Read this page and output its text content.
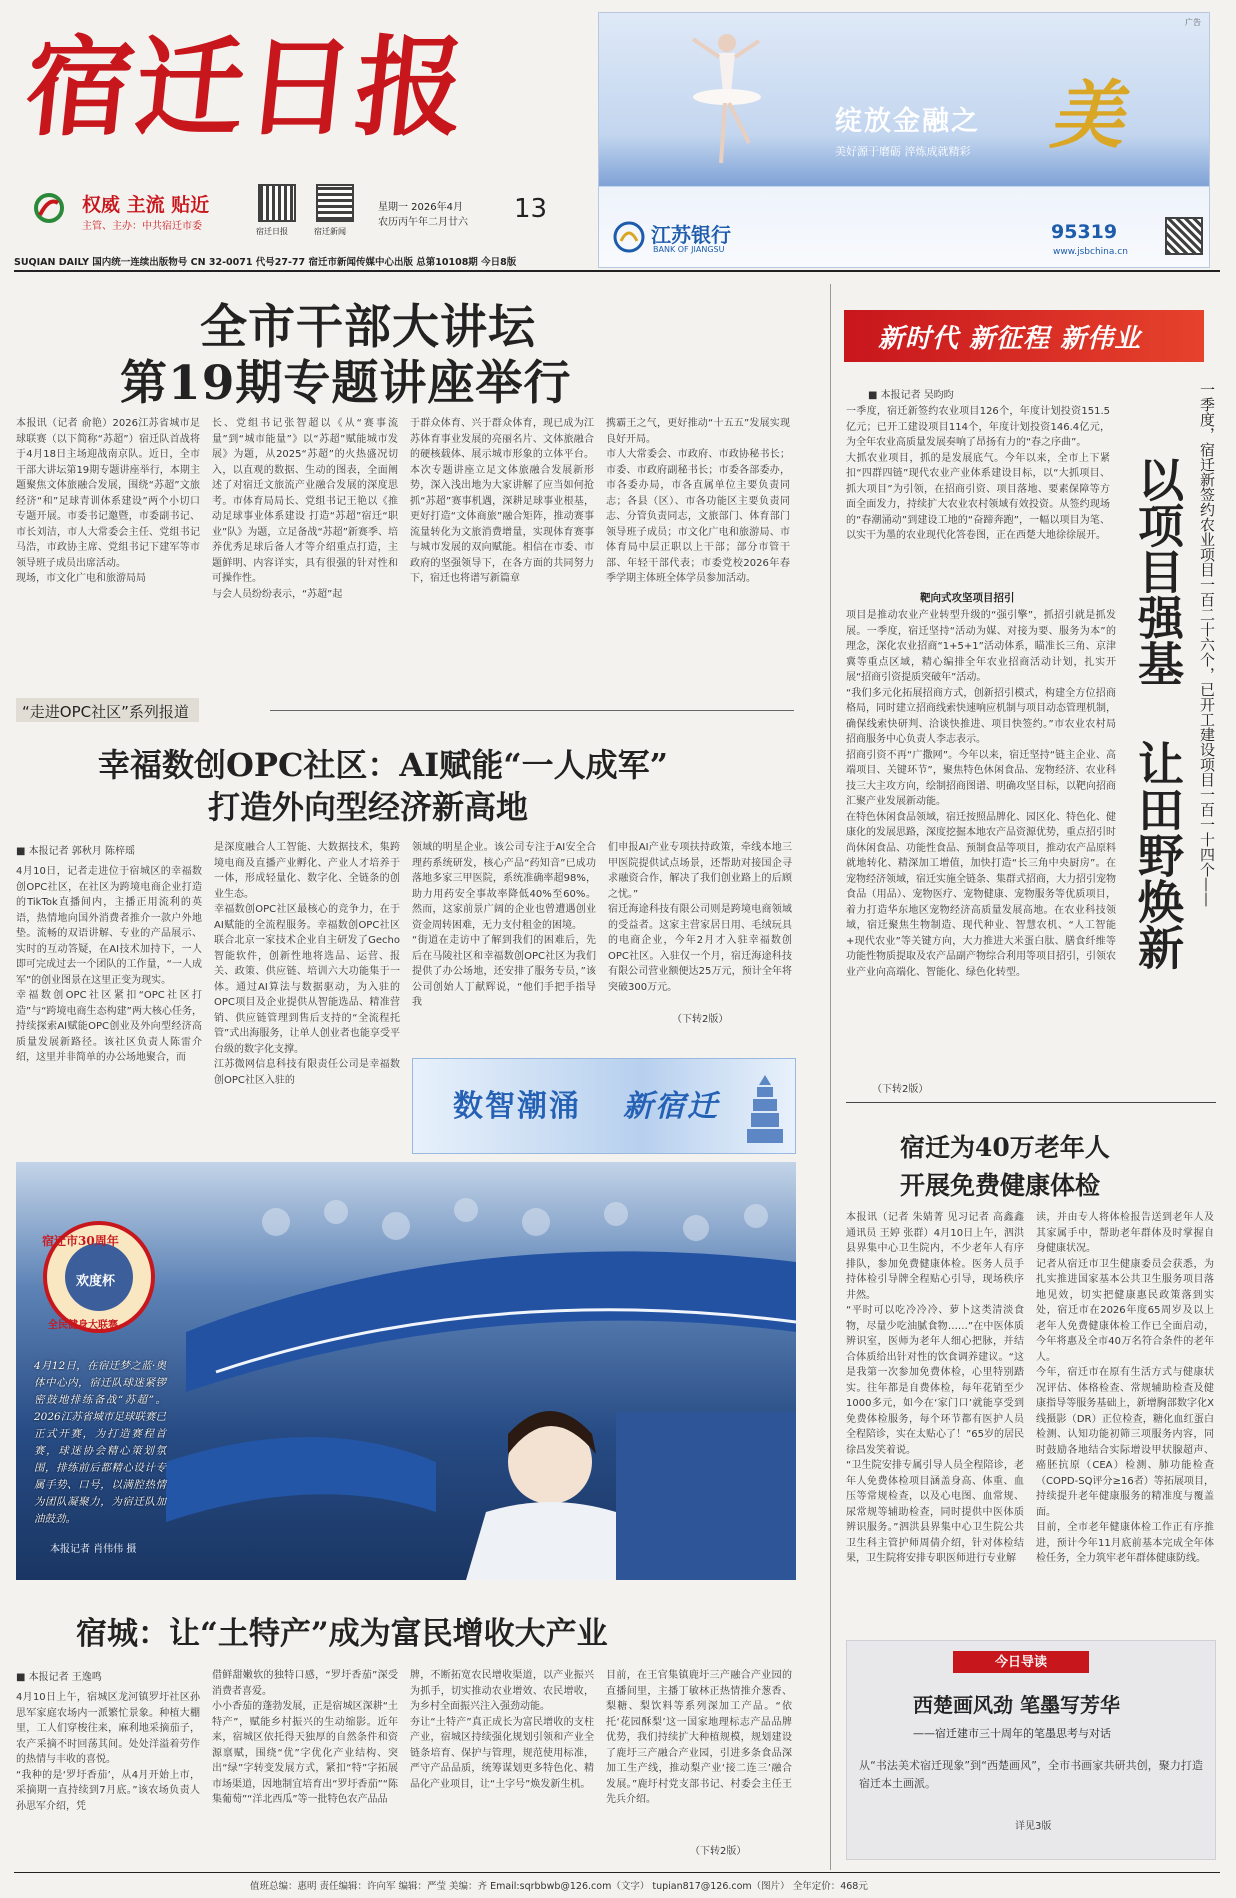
宿迁日报
权威 主流 贴近
主管、主办：中共宿迁市委	宿迁日报	宿迁新闻
星期一 2026年4月
农历丙午年二月廿六 13
广告
绽放金融之 美
美好源于磨砺 淬炼成就精彩
江苏银行
BANK OF JIANGSU
95319
www.jsbchina.cn
SUQIAN DAILY 国内统一连续出版物号 CN 32-0071 代号27-77 宿迁市新闻传媒中心出版 总第10108期 今日8版
全市干部大讲坛
第19期专题讲座举行
本报讯（记者 俞艳）2026江苏省城市足球联赛（以下简称“苏超”）宿迁队首战将于4月18日主场迎战南京队。近日，全市干部大讲坛第19期专题讲座举行，本期主题聚焦文体旅融合发展，围绕“苏超”文旅经济“和”足球青训体系建设”两个小切口专题开展。市委书记邀暨，市委副书记、市长刘洁，市人大常委会主任、党组书记马浩，市政协主席、党组书记下建军等市领导班子成员出席活动。
现场，市文化广电和旅游局局
长、党组书记张智超以《从“赛事流量”到“城市能量”》以“苏超”赋能城市发展》为题，从2025“苏超”的火热盛况切入，以直观的数据、生动的图表，全面阐述了对宿迁文旅流产业融合发展的深度思考。市体育局局长、党组书记王艳以《推动足球事业体系建设 打造“苏超”宿迁“职业”队》为题，立足备战“苏超”新赛季、培养优秀足球后备人才等介绍重点打造，主题鲜明、内容详实，具有很强的针对性和可操作性。
与会人员纷纷表示，“苏超”起
于群众体育、兴于群众体育，现已成为江苏体育事业发展的亮丽名片、文体旅融合的硬核载体、展示城市形象的立体平台。本次专题讲座立足文体旅融合发展新形势，深入浅出地为大家讲解了应当如何抢抓“苏超”赛事机遇，深耕足球事业根基，更好打造“文体商旅”融合矩阵，推动赛事流量转化为文旅消费增量，实现体育赛事与城市发展的双向赋能。相信在市委、市政府的坚强领导下，在各方面的共同努力下，宿迁也将谱写新篇章
携霸王之气，更好推动“十五五”发展实现良好开局。
市人大常委会、市政府、市政协秘书长；市委、市政府副秘书长；市委各部委办，市各委办局，市各直属单位主要负责同志；各县（区）、市各功能区主要负责同志、分管负责同志，文旅部门、体育部门领导班子成员；市文化广电和旅游局、市体育局中层正职以上干部；部分市管干部、年轻干部代表；市委党校2026年春季学期主体班全体学员参加活动。
“走进OPC社区”系列报道
幸福数创OPC社区：AI赋能“一人成军”
打造外向型经济新高地
■ 本报记者 郭秋月 陈梓瑶
4月10日，记者走进位于宿城区的幸福数创OPC社区，在社区为跨境电商企业打造的TikTok直播间内，主播正用流利的英语，热情地向国外消费者推介一款户外地垫。流畅的双语讲解、专业的产品展示、实时的互动答疑，在AI技术加持下，一人即可完成过去一个团队的工作量，“一人成军”的创业图景在这里正变为现实。
幸福数创OPC社区紧扣“OPC社区打造”与“跨境电商生态构建”两大核心任务，持续探索AI赋能OPC创业及外向型经济高质量发展新路径。该社区负责人陈雷介绍，这里并非简单的办公场地聚合，而
是深度融合人工智能、大数据技术，集跨境电商及直播产业孵化、产业人才培养于一体，形成轻量化、数字化、全链条的创业生态。
幸福数创OPC社区最核心的竞争力，在于AI赋能的全流程服务。幸福数创OPC社区联合北京一家技术企业自主研发了Gecho智能软件，创新性地将选品、运营、报关、政策、供应链、培训六大功能集于一体。通过AI算法与数据驱动，为入驻的OPC项目及企业提供从智能选品、精准营销、供应链管理到售后支持的“全流程托管”式出海服务，让单人创业者也能享受平台级的数字化支撑。
江苏微网信息科技有限责任公司是幸福数创OPC社区入驻的
领域的明星企业。该公司专注于AI安全合理药系统研发，核心产品“药知音”已成功落地多家三甲医院，系统准确率超98%，助力用药安全事故率降低40%至60%。然而，这家前景广阔的企业也曾遭遇创业资金周转困难，无力支付租金的困境。
“街道在走访中了解到我们的困难后，先后在马陵社区和幸福数创OPC社区为我们提供了办公场地，还安排了服务专员，”该公司创始人丁献辉说，“他们手把手指导我
们申报AI产业专项扶持政策，牵线本地三甲医院提供试点场景，还帮助对接国企寻求融资合作，解决了我们创业路上的后顾之忧。”
宿迁海途科技有限公司则是跨境电商领域的受益者。这家主营家居日用、毛绒玩具的电商企业，今年2月才入驻幸福数创OPC社区。入驻仅一个月，宿迁海途科技有限公司营业额便达25万元，预计全年将突破300万元。
（下转2版）
数智潮涌 新宿迁
宿迁市30周年
欢度杯
全民健身大联赛
4月12日，在宿迁梦之蓝·奥体中心内，宿迁队球迷紧锣密鼓地排练备战“苏超”。2026江苏省城市足球联赛已正式开赛，为打造赛程首赛，球迷协会精心策划氛围，排练前后都精心设计专属手势、口号，以满腔热情为团队凝聚力，为宿迁队加油鼓劲。
本报记者 肖伟伟 摄
宿城：让“土特产”成为富民增收大产业
■ 本报记者 王逸鸣
4月10日上午，宿城区龙河镇罗圩社区孙思军家庭农场内一派繁忙景象。种植大棚里，工人们穿梭往来，麻利地采摘茄子，农产采摘不时回荡其间。处处洋溢着劳作的热情与丰收的喜悦。
“我种的是‘罗圩香茄’，从4月开始上市，采摘期一直持续到7月底。”该农场负责人孙思军介绍，凭
借鲜甜嫩软的独特口感，“罗圩香茄”深受消费者喜爱。
小小香茄的蓬勃发展，正是宿城区深耕“土特产”，赋能乡村振兴的生动缩影。近年来，宿城区依托得天独厚的自然条件和资源禀赋，围绕“优”字优化产业结构、突出“绿”字转变发展方式，紧扣“特”字拓展市场渠道，因地制宜培育出“罗圩香茄”“陈集葡萄”“洋北西瓜”等一批特色农产品品
牌，不断拓宽农民增收渠道，以产业振兴为抓手，切实推动农业增效、农民增收，为乡村全面振兴注入强劲动能。
夯让“土特产”真正成长为富民增收的支柱产业，宿城区持续强化规划引领和产业全链条培育、保护与管理，规范使用标准，严守产品品质，统筹谋划更多特色化、精品化产业项目，让“土字号”焕发新生机。
目前，在王官集镇鹿圩三产融合产业园的直播间里，主播丁敏林正热情推介葱香、梨糖、梨饮料等系列深加工产品。“依托‘花园酥梨’这一国家地理标志产品品牌优势，我们持续扩大种植规模，规划建设了鹿圩三产融合产业园，引进多条食品深加工生产线，推动梨产业‘接二连三’融合发展。”鹿圩村党支部书记、村委会主任王先兵介绍。
（下转2版）
新时代 新征程 新伟业
一季度，宿迁新签约农业项目一百二十六个，已开工建设项目一百一十四个——
以项目强基
让田野焕新
■ 本报记者 吴昀昀
一季度，宿迁新签约农业项目126个，年度计划投资151.5亿元；已开工建设项目114个，年度计划投资146.4亿元，为全年农业高质量发展奏响了昂扬有力的“春之序曲”。
大抓农业项目，抓的是发展底气。今年以来，全市上下紧扣“四群四链”现代农业产业体系建设目标，以“大抓项目、抓大项目”为引领，在招商引资、项目落地、要素保障等方面全面发力，持续扩大农业农村领域有效投资。从签约现场的“春潮涌动”到建设工地的“奋蹄奔跑”，一幅以项目为笔、以实干为墨的农业现代化答卷图，正在西楚大地徐徐展开。
靶向式攻坚项目招引
项目是推动农业产业转型升级的“强引擎”，抓招引就是抓发展。一季度，宿迁坚持“活动为媒、对接为要、服务为本”的理念，深化农业招商“1+5+1”活动体系，瞄准长三角、京津冀等重点区域，精心编排全年农业招商活动计划，扎实开展“招商引资提质突破年”活动。
“我们多元化拓展招商方式，创新招引模式，构建全方位招商格局，同时建立招商线索快速响应机制与项目动态管理机制，确保线索快研判、洽谈快推进、项目快签约。”市农业农村局招商服务中心负责人李志表示。
招商引资不再“广撒网”。今年以来，宿迁坚持“链主企业、高端项目、关键环节”，聚焦特色休闲食品、宠物经济、农业科技三大主攻方向，绘制招商图谱、明确攻坚目标，以靶向招商汇聚产业发展新动能。
在特色休闲食品领域，宿迁按照品牌化、园区化、特色化、健康化的发展思路，深度挖掘本地农产品资源优势，重点招引时尚休闲食品、功能性食品、预制食品等项目，推动农产品原料就地转化、精深加工增值，加快打造“长三角中央厨房”。在宠物经济领域，宿迁实施全链条、集群式招商，大力招引宠物食品（用品）、宠物医疗、宠物健康、宠物服务等优质项目，着力打造华东地区宠物经济高质量发展高地。在农业科技领域，宿迁聚焦生物制造、现代种业、智慧农机、“人工智能+现代农业”等关键方向，大力推进大米蛋白肽、膳食纤维等功能性物质提取及农产品副产物综合利用等项目招引，引领农业产业向高端化、智能化、绿色化转型。
（下转2版）
宿迁为40万老年人
开展免费健康体检
本报讯（记者 朱婧菁 见习记者 高鑫鑫 通讯员 王婷 张群）4月10日上午，泗洪县界集中心卫生院内，不少老年人有序排队，参加免费健康体检。医务人员手持体检引导牌全程贴心引导，现场秩序井然。
“平时可以吃冷冷冷、萝卜这类清淡食物，尽量少吃油腻食物……”在中医体质辨识室，医师为老年人细心把脉，并结合体质给出针对性的饮食调养建议。“这是我第一次参加免费体检，心里特别踏实。往年都是自费体检，每年花销至少1000多元，如今在‘家门口’就能享受到免费体检服务，每个环节都有医护人员全程陪诊，实在太贴心了！”65岁的居民徐昌发笑着说。
“卫生院安排专属引导人员全程陪诊，老年人免费体检项目涵盖身高、体重、血压等常规检查，以及心电图、血常规、尿常规等辅助检查，同时提供中医体质辨识服务。”泗洪县界集中心卫生院公共卫生科主管护师周倩介绍，针对体检结果，卫生院将安排专职医师进行专业解
读，并由专人将体检报告送到老年人及其家属手中，帮助老年群体及时掌握自身健康状况。
记者从宿迁市卫生健康委员会获悉，为扎实推进国家基本公共卫生服务项目落地见效，切实把健康惠民政策落到实处，宿迁市在2026年度65周岁及以上老年人免费健康体检工作已全面启动，今年将惠及全市40万名符合条件的老年人。
今年，宿迁市在原有生活方式与健康状况评估、体格检查、常规辅助检查及健康指导等服务基础上，新增胸部数字化X线摄影（DR）正位检查，糖化血红蛋白检测、认知功能初筛三项服务内容，同时鼓励各地结合实际增设甲状腺超声、癌胚抗原（CEA）检测、肺功能检查（COPD-SQ评分≥16者）等拓展项目，持续提升老年健康服务的精准度与覆盖面。
目前，全市老年健康体检工作正有序推进，预计今年11月底前基本完成全年体检任务，全力筑牢老年群体健康防线。
今日导读
西楚画风劲 笔墨写芳华
——宿迁建市三十周年的笔墨思考与对话
从“书法美术宿迁现象”到“西楚画风”，全市书画家共研共创，聚力打造宿迁本土画派。
详见3版
值班总编：惠明 责任编辑：许向军 编辑：严莹 美编：齐 Email:sqrbbwb@126.com（文字） tupian817@126.com（图片） 全年定价：468元
